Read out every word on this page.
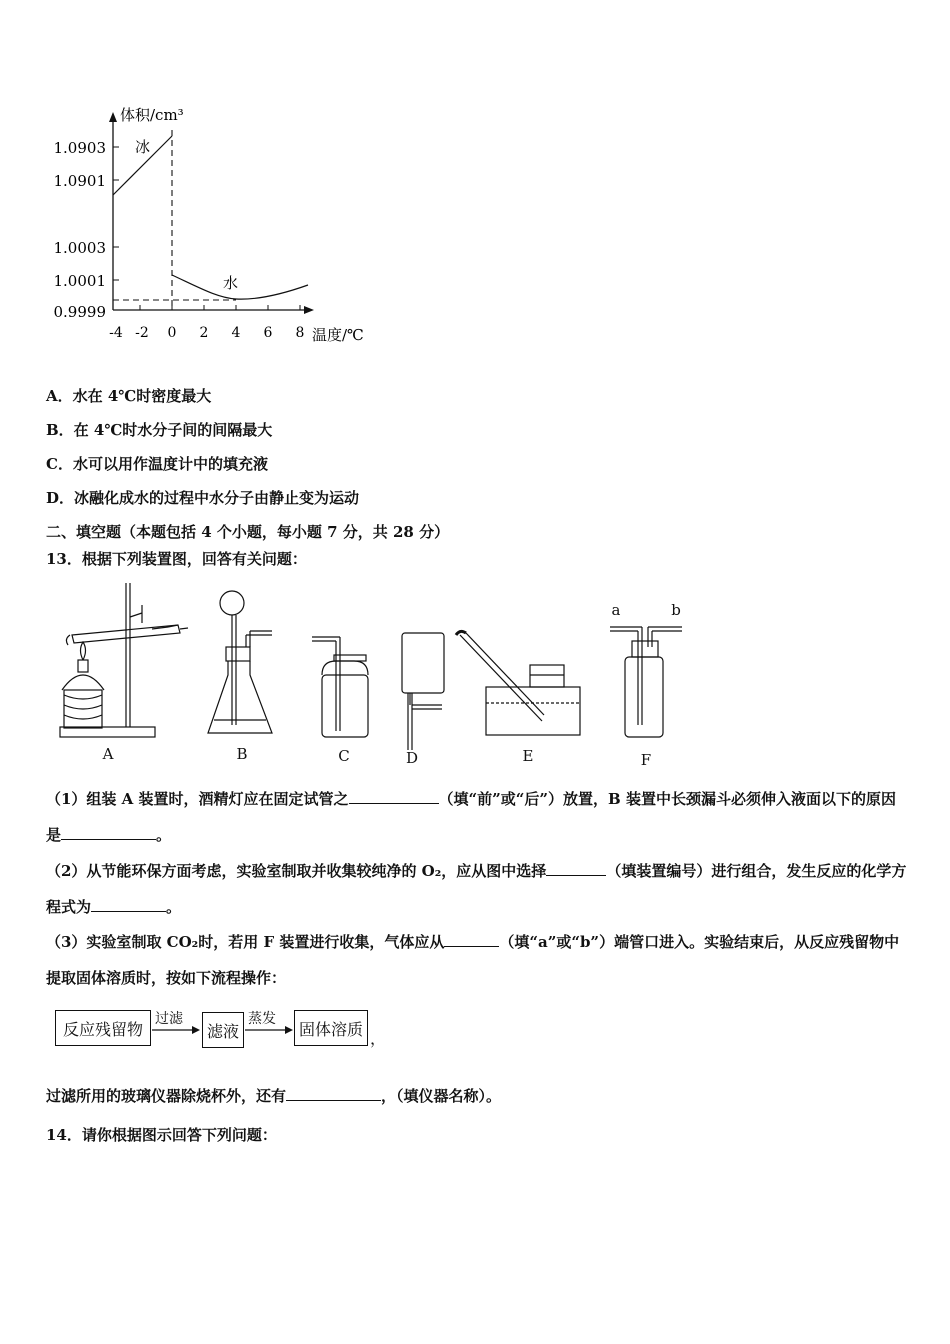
体积/cm³
温度/℃
冰
水
1.0903
1.0901
1.0003
1.0001
0.9999
-4 -2 0 2 4 6 8
A．水在 4℃时密度最大
B．在 4℃时水分子间的间隔最大
C．水可以用作温度计中的填充液
D．冰融化成水的过程中水分子由静止变为运动
二、填空题（本题包括 4 个小题，每小题 7 分，共 28 分）
13．根据下列装置图，回答有关问题：
A	B	C	D	E	F
a	b
（1）组装 A 装置时，酒精灯应在固定试管之	（填“前”或“后”）放置，B 装置中长颈漏斗必须伸入液面以下的原因是	。
（2）从节能环保方面考虑，实验室制取并收集较纯净的 O₂，应从图中选择	（填装置编号）进行组合，发生反应的化学方程式为	。
（3）实验室制取 CO₂时，若用 F 装置进行收集，气体应从	（填“a”或“b”）端管口进入。实验结束后，从反应残留物中提取固体溶质时，按如下流程操作：
反应残留物
过滤
滤液
蒸发
固体溶质 ，
过滤所用的玻璃仪器除烧杯外，还有	，（填仪器名称）。
14．请你根据图示回答下列问题：
